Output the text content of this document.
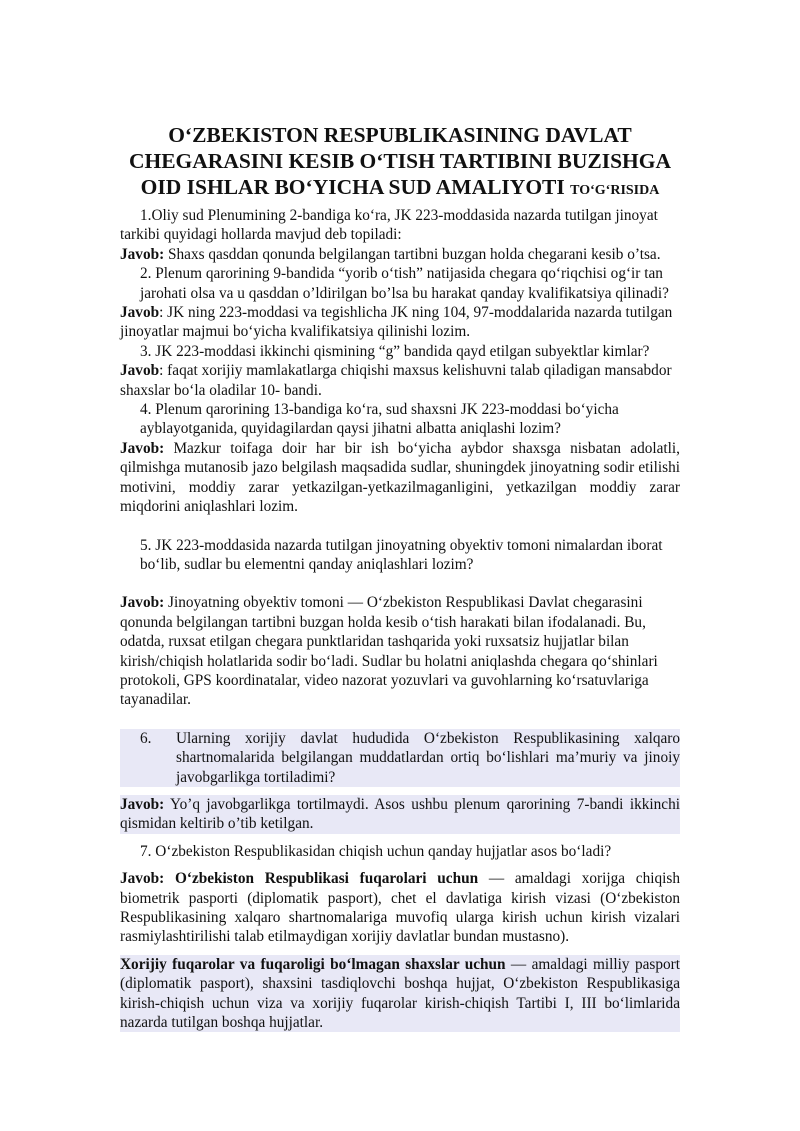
O‘ZBEKISTON RESPUBLIKASINING DAVLAT
CHEGARASINI KESIB O‘TISH TARTIBINI BUZISHGA
OID ISHLAR BO‘YICHA SUD AMALIYOTI TO‘G‘RISIDA

1.Oliy sud Plenumining 2-bandiga ko‘ra, JK 223-moddasida nazarda tutilgan jinoyat tarkibi quyidagi hollarda mavjud deb topiladi:

Javob: Shaxs qasddan qonunda belgilangan tartibni buzgan holda chegarani kesib o’tsa.

2. Plenum qarorining 9-bandida “yorib o‘tish” natijasida chegara qo‘riqchisi og‘ir tan jarohati olsa va u qasddan o’ldirilgan bo’lsa bu harakat qanday kvalifikatsiya qilinadi?

Javob: JK ning 223-moddasi va tegishlicha JK ning 104, 97-moddalarida nazarda tutilgan jinoyatlar majmui bo‘yicha kvalifikatsiya qilinishi lozim.

3. JK 223-moddasi ikkinchi qismining “g” bandida qayd etilgan subyektlar kimlar?

Javob: faqat xorijiy mamlakatlarga chiqishi maxsus kelishuvni talab qiladigan mansabdor shaxslar bo‘la oladilar 10- bandi.

4. Plenum qarorining 13-bandiga ko‘ra, sud shaxsni JK 223-moddasi bo‘yicha ayblayotganida, quyidagilardan qaysi jihatni albatta aniqlashi lozim?

Javob: Mazkur toifaga doir har bir ish bo‘yicha aybdor shaxsga nisbatan adolatli, qilmishga mutanosib jazo belgilash maqsadida sudlar, shuningdek jinoyatning sodir etilishi motivini, moddiy zarar yetkazilgan-yetkazilmaganligini, yetkazilgan moddiy zarar miqdorini aniqlashlari lozim.

5. JK 223-moddasida nazarda tutilgan jinoyatning obyektiv tomoni nimalardan iborat bo‘lib, sudlar bu elementni qanday aniqlashlari lozim?

Javob: Jinoyatning obyektiv tomoni — O‘zbekiston Respublikasi Davlat chegarasini qonunda belgilangan tartibni buzgan holda kesib o‘tish harakati bilan ifodalanadi. Bu, odatda, ruxsat etilgan chegara punktlaridan tashqarida yoki ruxsatsiz hujjatlar bilan kirish/chiqish holatlarida sodir bo‘ladi. Sudlar bu holatni aniqlashda chegara qo‘shinlari protokoli, GPS koordinatalar, video nazorat yozuvlari va guvohlarning ko‘rsatuvlariga tayanadilar.

6.	Ularning xorijiy davlat hududida O‘zbekiston Respublikasining xalqaro shartnomalarida belgilangan muddatlardan ortiq bo‘lishlari ma’muriy va jinoiy javobgarlikga tortiladimi?

Javob: Yo’q javobgarlikga tortilmaydi. Asos ushbu plenum qarorining 7-bandi ikkinchi qismidan keltirib o’tib ketilgan.

7. O‘zbekiston Respublikasidan chiqish uchun qanday hujjatlar asos bo‘ladi?

Javob: O‘zbekiston Respublikasi fuqarolari uchun — amaldagi xorijga chiqish biometrik pasporti (diplomatik pasport), chet el davlatiga kirish vizasi (O‘zbekiston Respublikasining xalqaro shartnomalariga muvofiq ularga kirish uchun kirish vizalari rasmiylashtirilishi talab etilmaydigan xorijiy davlatlar bundan mustasno).

Xorijiy fuqarolar va fuqaroligi bo‘lmagan shaxslar uchun — amaldagi milliy pasport (diplomatik pasport), shaxsini tasdiqlovchi boshqa hujjat, O‘zbekiston Respublikasiga kirish-chiqish uchun viza va xorijiy fuqarolar kirish-chiqish Tartibi I, III bo‘limlarida nazarda tutilgan boshqa hujjatlar.
